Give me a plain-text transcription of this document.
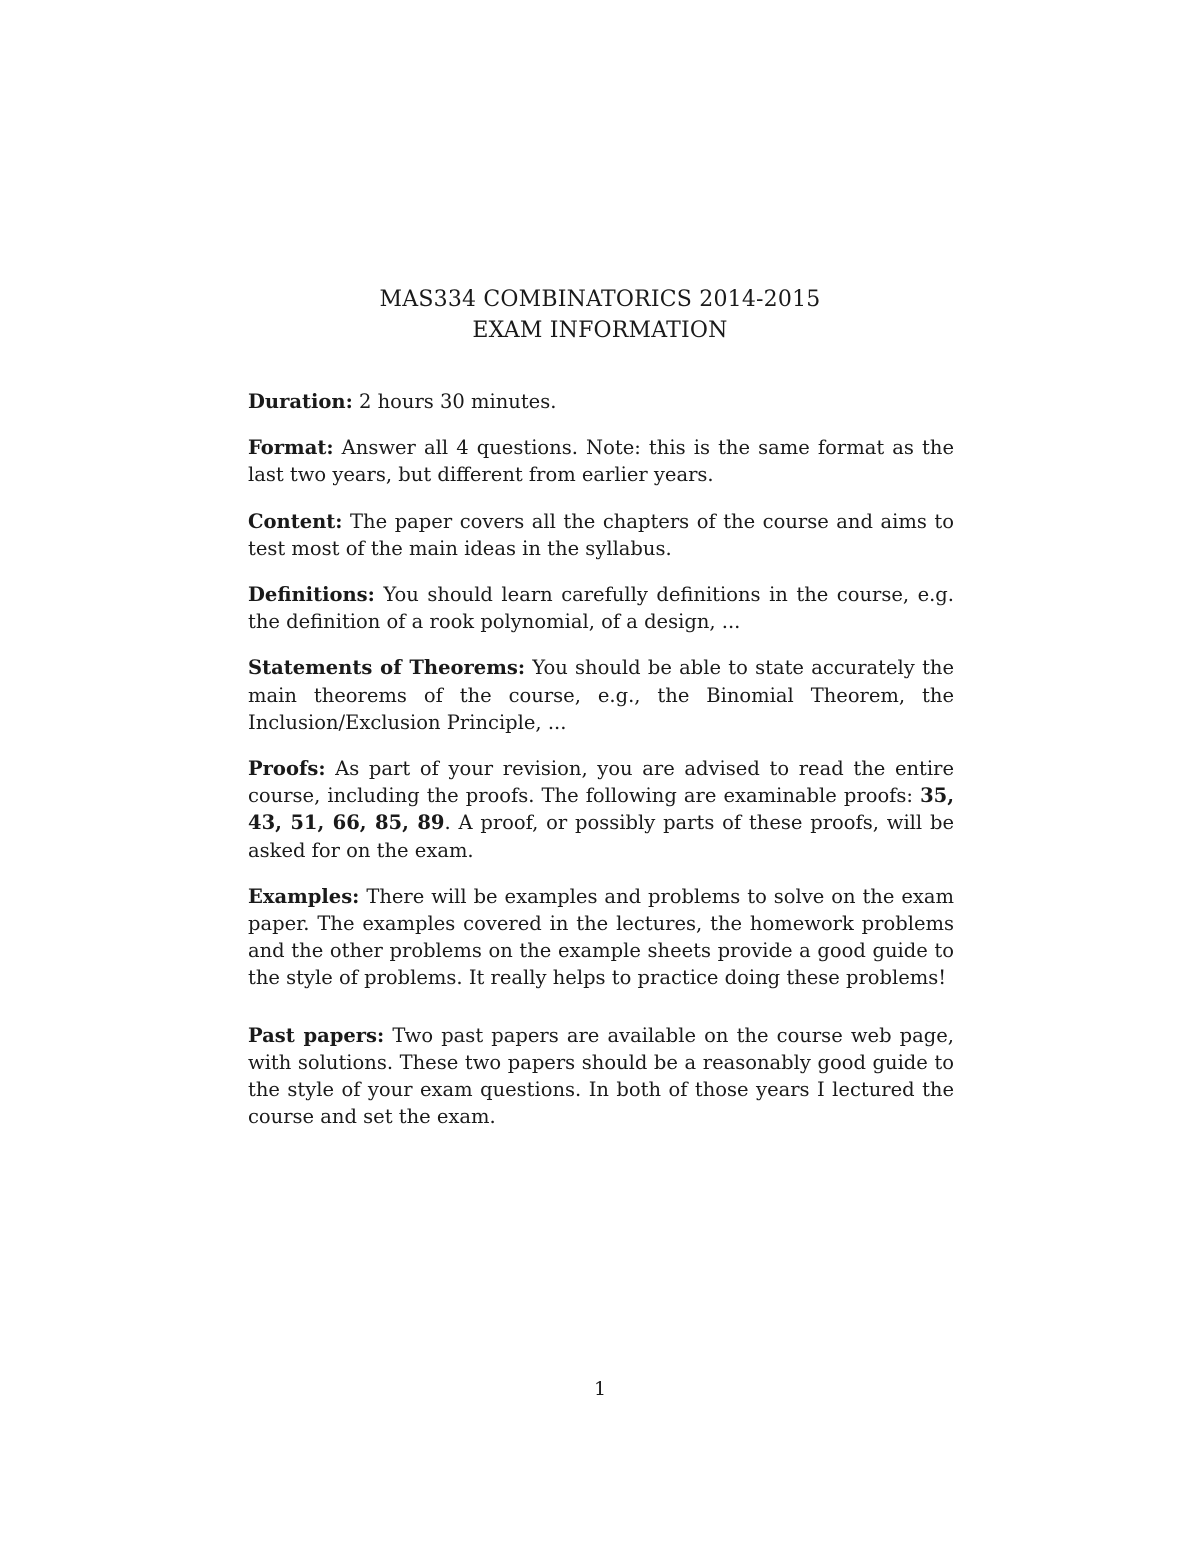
MAS334 COMBINATORICS 2014-2015
EXAM INFORMATION

Duration: 2 hours 30 minutes.

Format: Answer all 4 questions. Note: this is the same format as the last two years, but different from earlier years.

Content: The paper covers all the chapters of the course and aims to test most of the main ideas in the syllabus.

Definitions: You should learn carefully definitions in the course, e.g. the definition of a rook polynomial, of a design, ...

Statements of Theorems: You should be able to state accurately the main theorems of the course, e.g., the Binomial Theorem, the Inclusion/Exclusion Principle, ...

Proofs: As part of your revision, you are advised to read the entire course, including the proofs. The following are examinable proofs: 35, 43, 51, 66, 85, 89. A proof, or possibly parts of these proofs, will be asked for on the exam.

Examples: There will be examples and problems to solve on the exam paper. The examples covered in the lectures, the homework problems and the other problems on the example sheets provide a good guide to the style of problems. It really helps to practice doing these problems!

Past papers: Two past papers are available on the course web page, with solutions. These two papers should be a reasonably good guide to the style of your exam questions. In both of those years I lectured the course and set the exam.

1
